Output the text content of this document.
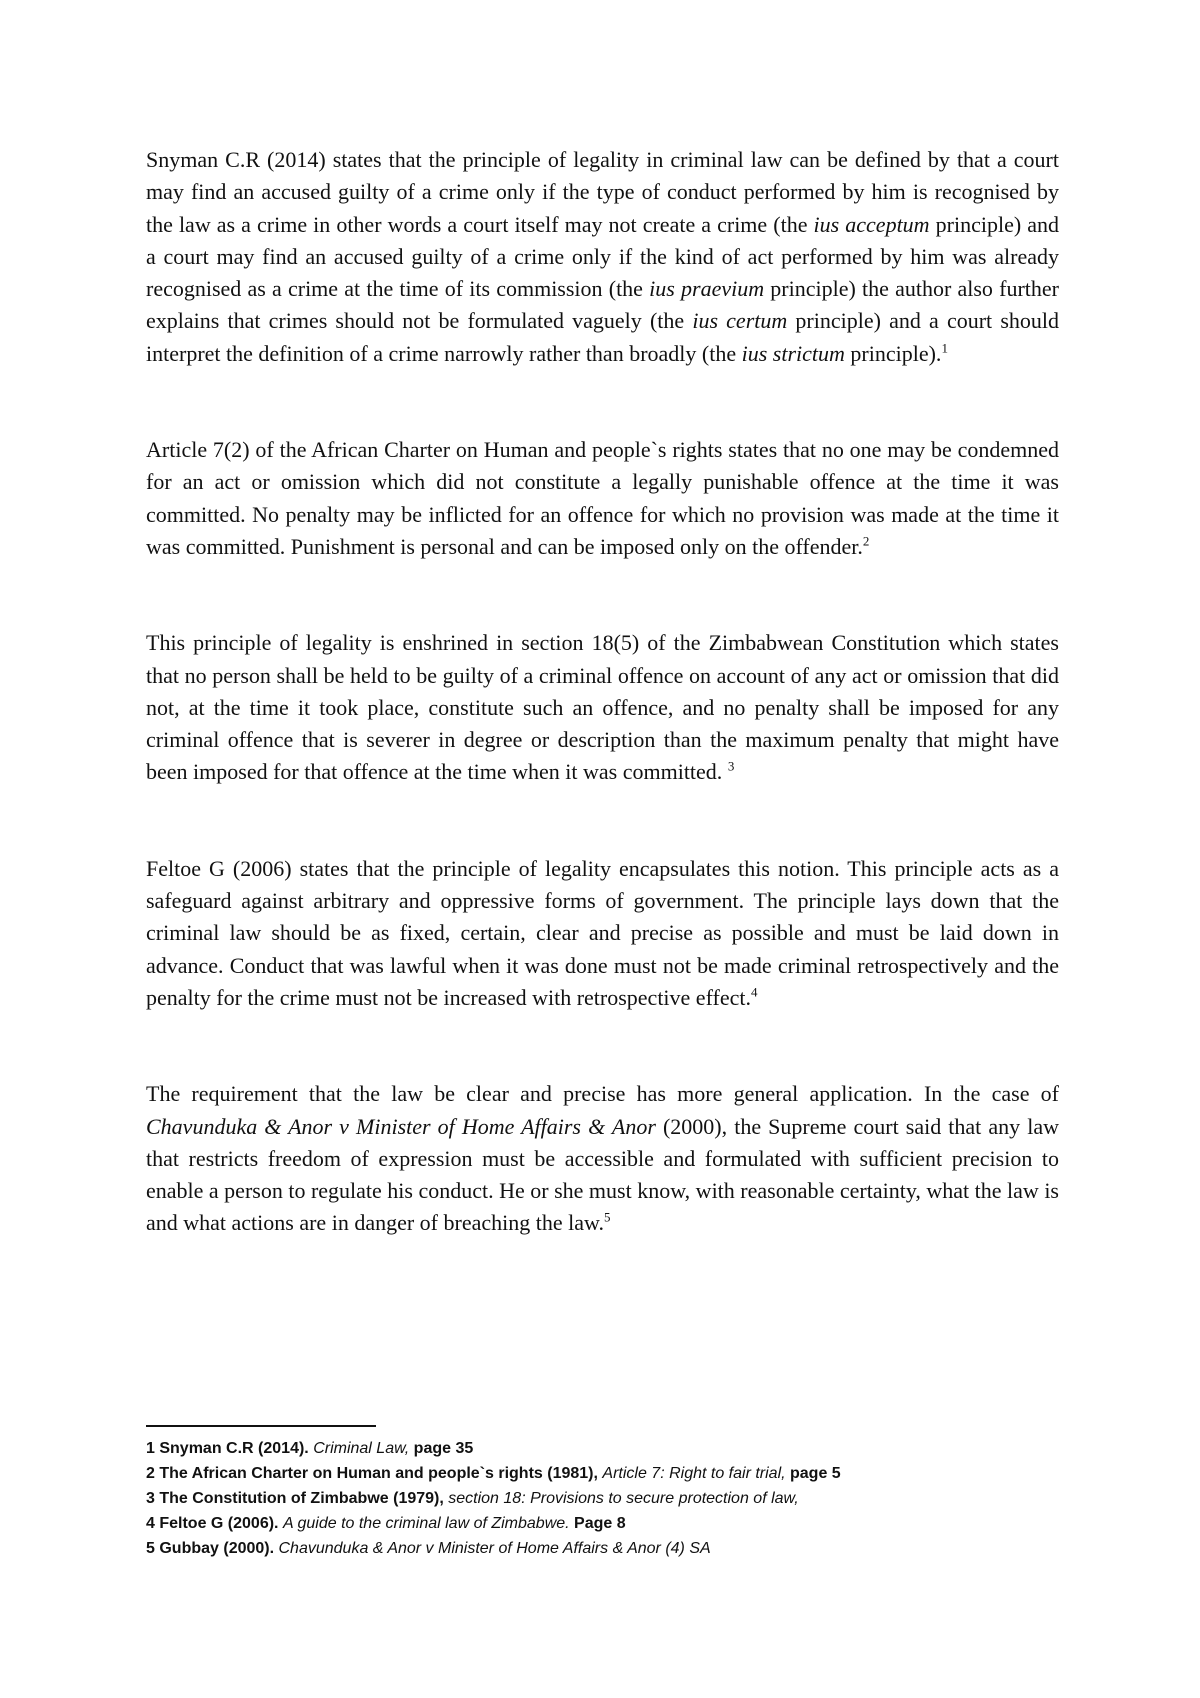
Snyman C.R (2014) states that the principle of legality in criminal law can be defined by that a court may find an accused guilty of a crime only if the type of conduct performed by him is recognised by the law as a crime in other words a court itself may not create a crime (the ius acceptum principle) and a court may find an accused guilty of a crime only if the kind of act performed by him was already recognised as a crime at the time of its commission (the ius praevium principle) the author also further explains that crimes should not be formulated vaguely (the ius certum principle) and a court should interpret the definition of a crime narrowly rather than broadly (the ius strictum principle).$^1$

Article 7(2) of the African Charter on Human and people`s rights states that no one may be condemned for an act or omission which did not constitute a legally punishable offence at the time it was committed. No penalty may be inflicted for an offence for which no provision was made at the time it was committed. Punishment is personal and can be imposed only on the offender.$^2$

This principle of legality is enshrined in section 18(5) of the Zimbabwean Constitution which states that no person shall be held to be guilty of a criminal offence on account of any act or omission that did not, at the time it took place, constitute such an offence, and no penalty shall be imposed for any criminal offence that is severer in degree or description than the maximum penalty that might have been imposed for that offence at the time when it was committed. $^3$

Feltoe G (2006) states that the principle of legality encapsulates this notion. This principle acts as a safeguard against arbitrary and oppressive forms of government. The principle lays down that the criminal law should be as fixed, certain, clear and precise as possible and must be laid down in advance. Conduct that was lawful when it was done must not be made criminal retrospectively and the penalty for the crime must not be increased with retrospective effect.$^4$

The requirement that the law be clear and precise has more general application. In the case of Chavunduka & Anor v Minister of Home Affairs & Anor (2000), the Supreme court said that any law that restricts freedom of expression must be accessible and formulated with sufficient precision to enable a person to regulate his conduct. He or she must know, with reasonable certainty, what the law is and what actions are in danger of breaching the law.$^5$

1 Snyman C.R (2014). Criminal Law, page 35

2 The African Charter on Human and people`s rights (1981), Article 7: Right to fair trial, page 5

3 The Constitution of Zimbabwe (1979), section 18: Provisions to secure protection of law,

4 Feltoe G (2006). A guide to the criminal law of Zimbabwe. Page 8

5 Gubbay (2000). Chavunduka & Anor v Minister of Home Affairs & Anor (4) SA
